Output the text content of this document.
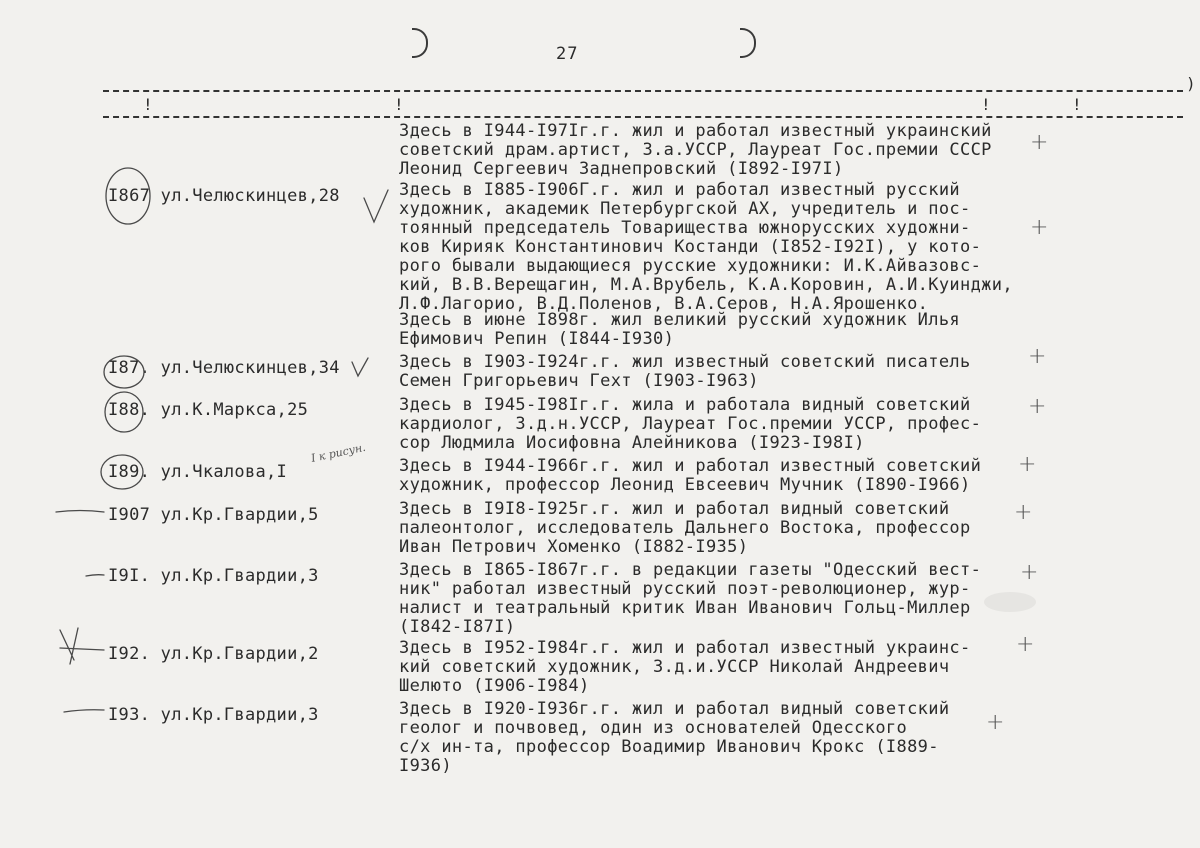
27
!	!	!	!
)
Здесь в I944-I97Iг.г. жил и работал известный украинский
советский драм.артист, З.а.УССР, Лауреат Гос.премии СССР
Леонид Сергеевич Заднепровский (I892-I97I)
+
I867 ул.Челюскинцев,28	Здесь в I885-I906Г.г. жил и работал известный русский
художник, академик Петербургской АХ, учредитель и пос-
тоянный председатель Товарищества южнорусских художни-
ков Кирияк Константинович Костанди (I852-I92I), у кото-
рого бывали выдающиеся русские художники: И.К.Айвазовс-
кий, В.В.Верещагин, М.А.Врубель, К.А.Коровин, А.И.Куинджи,
Л.Ф.Лагорио, В.Д.Поленов, В.А.Серов, Н.А.Ярошенко.
+
Здесь в июне I898г. жил великий русский художник Илья
Ефимович Репин (I844-I930)
I87. ул.Челюскинцев,34	Здесь в I903-I924г.г. жил известный советский писатель
Семен Григорьевич Гехт (I903-I963)
+
I88. ул.К.Маркса,25	Здесь в I945-I98Iг.г. жила и работала видный советский
кардиолог, З.д.н.УССР, Лауреат Гос.премии УССР, профес-
сор Людмила Иосифовна Алейникова (I923-I98I)
+
I89. ул.Чкалова,I	Здесь в I944-I966г.г. жил и работал известный советский
художник, профессор Леонид Евсеевич Мучник (I890-I966)
+
I907 ул.Кр.Гвардии,5	Здесь в I9I8-I925г.г. жил и работал видный советский
палеонтолог, исследователь Дальнего Востока, профессор
Иван Петрович Хоменко (I882-I935)
+
I9I. ул.Кр.Гвардии,3	Здесь в I865-I867г.г. в редакции газеты "Одесский вест-
ник" работал известный русский поэт-революционер, жур-
налист и театральный критик Иван Иванович Гольц-Миллер
(I842-I87I)
+
I92. ул.Кр.Гвардии,2	Здесь в I952-I984г.г. жил и работал известный украинс-
кий советский художник, З.д.и.УССР Николай Андреевич
Шелюто (I906-I984)
+
I93. ул.Кр.Гвардии,3	Здесь в I920-I936г.г. жил и работал видный советский
геолог и почвовед, один из основателей Одесского
с/х ин-та, профессор Воадимир Иванович Крокс (I889-
I936)
+
I к рисун.
